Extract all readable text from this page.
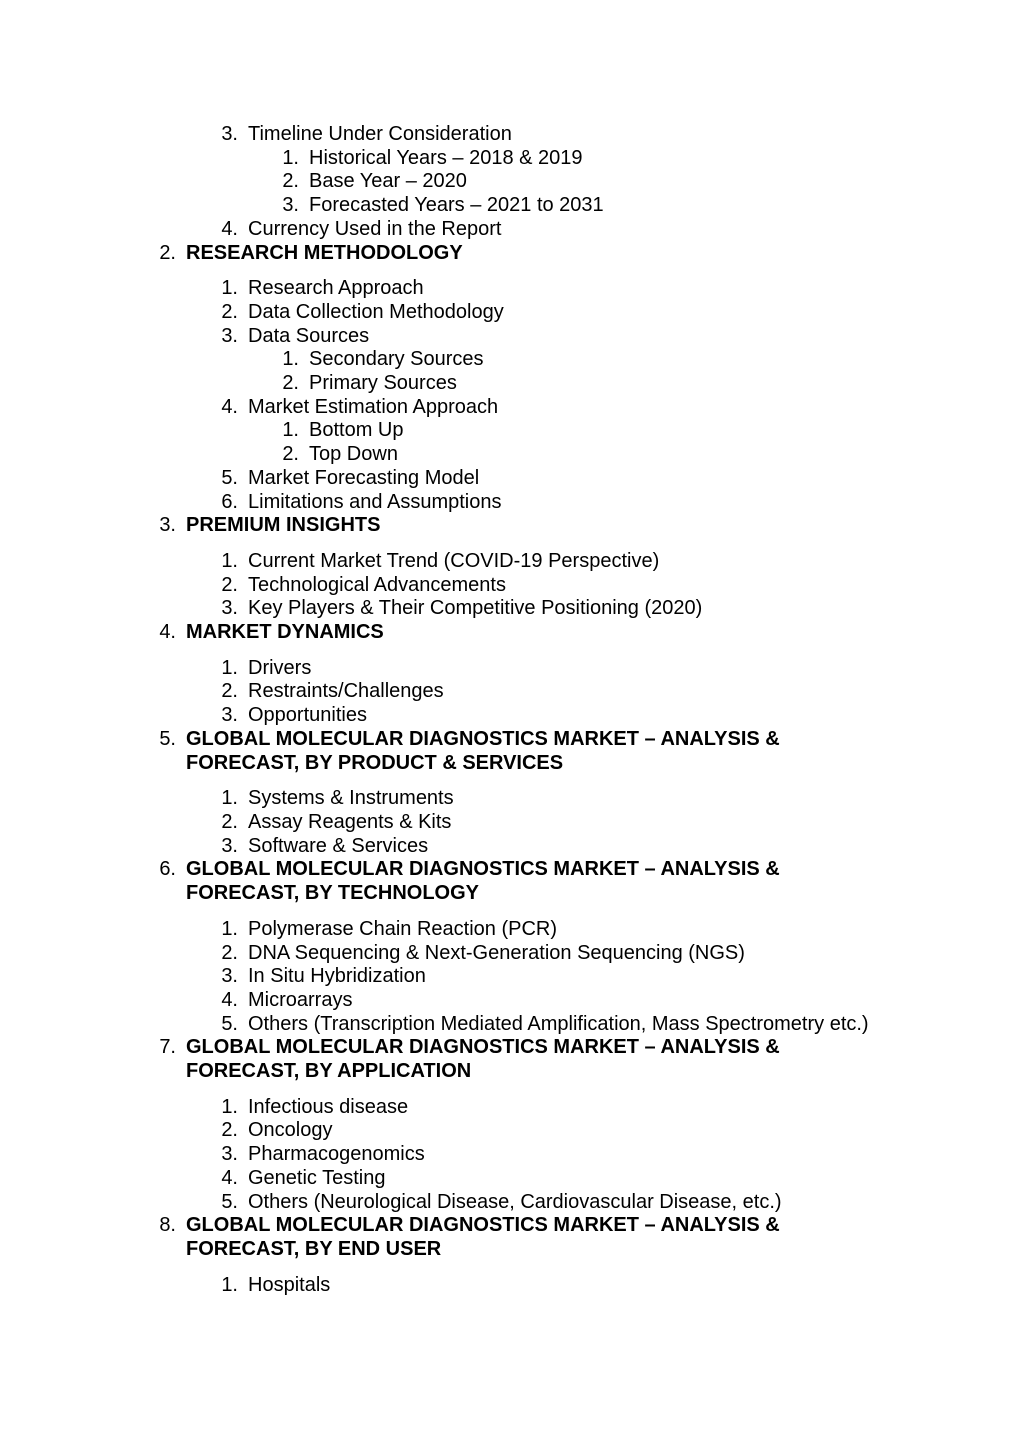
3. Timeline Under Consideration
1. Historical Years – 2018 & 2019
2. Base Year – 2020
3. Forecasted Years – 2021 to 2031
4. Currency Used in the Report
2. RESEARCH METHODOLOGY
1. Research Approach
2. Data Collection Methodology
3. Data Sources
1. Secondary Sources
2. Primary Sources
4. Market Estimation Approach
1. Bottom Up
2. Top Down
5. Market Forecasting Model
6. Limitations and Assumptions
3. PREMIUM INSIGHTS
1. Current Market Trend (COVID-19 Perspective)
2. Technological Advancements
3. Key Players & Their Competitive Positioning (2020)
4. MARKET DYNAMICS
1. Drivers
2. Restraints/Challenges
3. Opportunities
5. GLOBAL MOLECULAR DIAGNOSTICS MARKET – ANALYSIS & FORECAST, BY PRODUCT & SERVICES
1. Systems & Instruments
2. Assay Reagents & Kits
3. Software & Services
6. GLOBAL MOLECULAR DIAGNOSTICS MARKET – ANALYSIS & FORECAST, BY TECHNOLOGY
1. Polymerase Chain Reaction (PCR)
2. DNA Sequencing & Next-Generation Sequencing (NGS)
3. In Situ Hybridization
4. Microarrays
5. Others (Transcription Mediated Amplification, Mass Spectrometry etc.)
7. GLOBAL MOLECULAR DIAGNOSTICS MARKET – ANALYSIS & FORECAST, BY APPLICATION
1. Infectious disease
2. Oncology
3. Pharmacogenomics
4. Genetic Testing
5. Others (Neurological Disease, Cardiovascular Disease, etc.)
8. GLOBAL MOLECULAR DIAGNOSTICS MARKET – ANALYSIS & FORECAST, BY END USER
1. Hospitals
